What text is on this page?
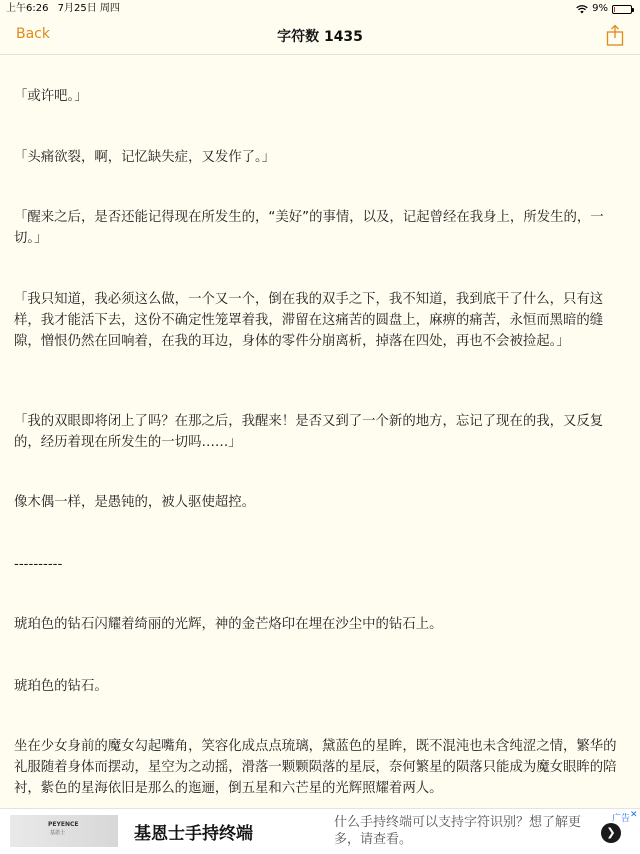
上午6:26 7月25日 周四	9%
Back	字符数 1435

「或许吧。」

「头痛欲裂，啊，记忆缺失症，又发作了。」

「醒来之后，是否还能记得现在所发生的，“美好”的事情，以及，记起曾经在我身上，所发生的，一切。」

「我只知道，我必须这么做，一个又一个，倒在我的双手之下，我不知道，我到底干了什么，只有这样，我才能活下去，这份不确定性笼罩着我，滞留在这痛苦的圆盘上，麻痹的痛苦，永恒而黑暗的缝隙，憎恨仍然在回响着，在我的耳边，身体的零件分崩离析，掉落在四处，再也不会被捡起。」

「我的双眼即将闭上了吗？在那之后，我醒来！是否又到了一个新的地方，忘记了现在的我，又反复的，经历着现在所发生的一切吗……」

像木偶一样，是愚钝的，被人驱使超控。

----------

琥珀色的钻石闪耀着绮丽的光辉，神的金芒烙印在埋在沙尘中的钻石上。

琥珀色的钻石。

坐在少女身前的魔女勾起嘴角，笑容化成点点琉璃，黛蓝色的星眸，既不混沌也未含纯涩之情，繁华的礼服随着身体而摆动，星空为之动摇，滑落一颗颗陨落的星辰，奈何繁星的陨落只能成为魔女眼眸的陪衬，紫色的星海依旧是那么的迤逦，倒五星和六芒星的光辉照耀着两人。

PEYENCE
基恩士	基恩士手持终端
什么手持终端可以支持字符识别？想了解更多，请查看。	❯
广告 ✕
